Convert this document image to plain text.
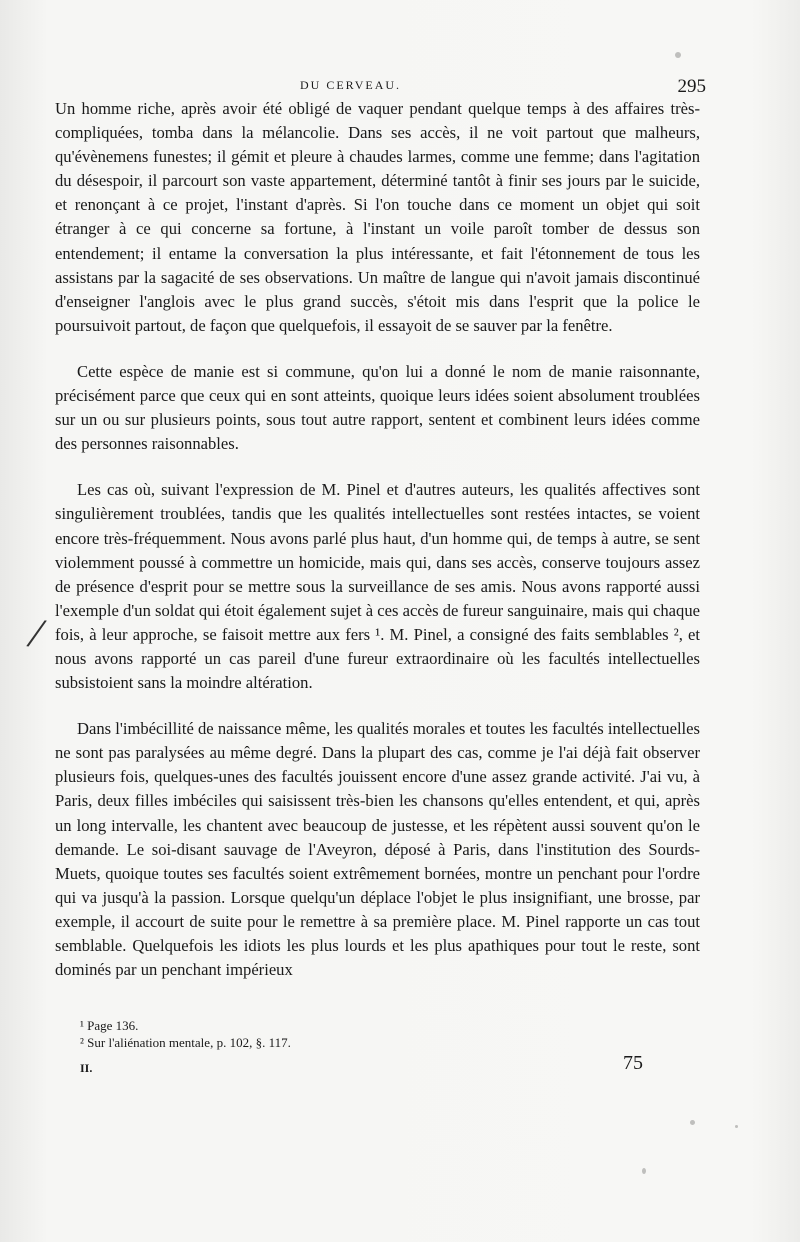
DU CERVEAU.	295
/

Un homme riche, après avoir été obligé de vaquer pendant quelque temps à des affaires très-compliquées, tomba dans la mélancolie. Dans ses accès, il ne voit partout que malheurs, qu'évènemens funestes; il gémit et pleure à chaudes larmes, comme une femme; dans l'agitation du désespoir, il parcourt son vaste appartement, déterminé tantôt à finir ses jours par le suicide, et renonçant à ce projet, l'instant d'après. Si l'on touche dans ce moment un objet qui soit étranger à ce qui concerne sa fortune, à l'instant un voile paroît tomber de dessus son entendement; il entame la conversation la plus intéressante, et fait l'étonnement de tous les assistans par la sagacité de ses observations. Un maître de langue qui n'avoit jamais discontinué d'enseigner l'anglois avec le plus grand succès, s'étoit mis dans l'esprit que la police le poursuivoit partout, de façon que quelquefois, il essayoit de se sauver par la fenêtre.

Cette espèce de manie est si commune, qu'on lui a donné le nom de manie raisonnante, précisément parce que ceux qui en sont atteints, quoique leurs idées soient absolument troublées sur un ou sur plusieurs points, sous tout autre rapport, sentent et combinent leurs idées comme des personnes raisonnables.

Les cas où, suivant l'expression de M. Pinel et d'autres auteurs, les qualités affectives sont singulièrement troublées, tandis que les qualités intellectuelles sont restées intactes, se voient encore très-fréquemment. Nous avons parlé plus haut, d'un homme qui, de temps à autre, se sent violemment poussé à commettre un homicide, mais qui, dans ses accès, conserve toujours assez de présence d'esprit pour se mettre sous la surveillance de ses amis. Nous avons rapporté aussi l'exemple d'un soldat qui étoit également sujet à ces accès de fureur sanguinaire, mais qui chaque fois, à leur approche, se faisoit mettre aux fers ¹. M. Pinel, a consigné des faits semblables ², et nous avons rapporté un cas pareil d'une fureur extraordinaire où les facultés intellectuelles subsistoient sans la moindre altération.

Dans l'imbécillité de naissance même, les qualités morales et toutes les facultés intellectuelles ne sont pas paralysées au même degré. Dans la plupart des cas, comme je l'ai déjà fait observer plusieurs fois, quelques-unes des facultés jouissent encore d'une assez grande activité. J'ai vu, à Paris, deux filles imbéciles qui saisissent très-bien les chansons qu'elles entendent, et qui, après un long intervalle, les chantent avec beaucoup de justesse, et les répètent aussi souvent qu'on le demande. Le soi-disant sauvage de l'Aveyron, déposé à Paris, dans l'institution des Sourds-Muets, quoique toutes ses facultés soient extrêmement bornées, montre un penchant pour l'ordre qui va jusqu'à la passion. Lorsque quelqu'un déplace l'objet le plus insignifiant, une brosse, par exemple, il accourt de suite pour le remettre à sa première place. M. Pinel rapporte un cas tout semblable. Quelquefois les idiots les plus lourds et les plus apathiques pour tout le reste, sont dominés par un penchant impérieux

¹ Page 136.
² Sur l'aliénation mentale, p. 102, §. 117.
II.	75
